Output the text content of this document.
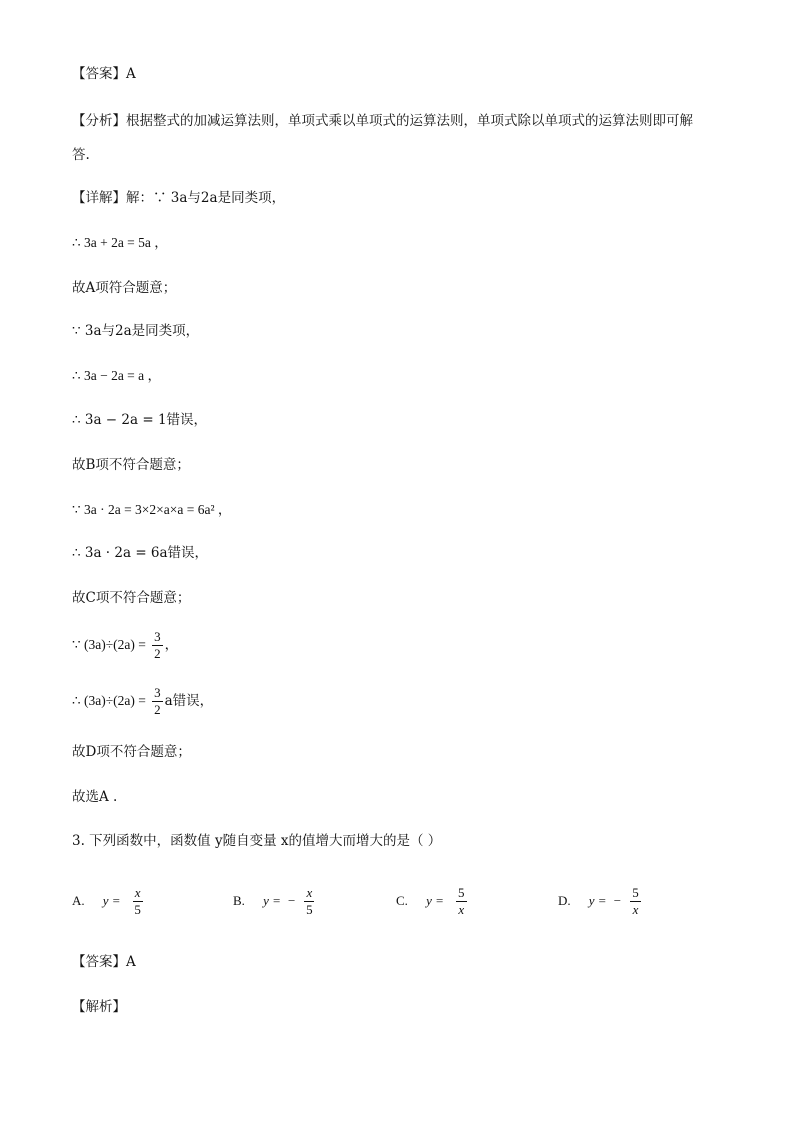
【答案】A
【分析】根据整式的加减运算法则，单项式乘以单项式的运算法则，单项式除以单项式的运算法则即可解
答.
【详解】解：∵ 3a与2a是同类项，
∴ 3a + 2a = 5a ，
故A项符合题意；
∵ 3a与2a是同类项，
∴ 3a − 2a = a ，
∴ 3a − 2a = 1错误，
故B项不符合题意；
∵ 3a · 2a = 3×2×a×a = 6a² ，
∴ 3a · 2a = 6a错误，
故C项不符合题意；
∵ $(3a)\div(2a) = \frac{3}{2}$ ，
∴ $(3a)\div(2a) = \frac{3}{2}$ a错误，
故D项不符合题意；
故选A .
3. 下列函数中，函数值 y随自变量 x的值增大而增大的是（ ）
A. $y = \frac{x}{5}$	B. y = − $\frac{x}{5}$	C. $y = \frac{5}{x}$	D. y = − $\frac{5}{x}$
【答案】A
【解析】
